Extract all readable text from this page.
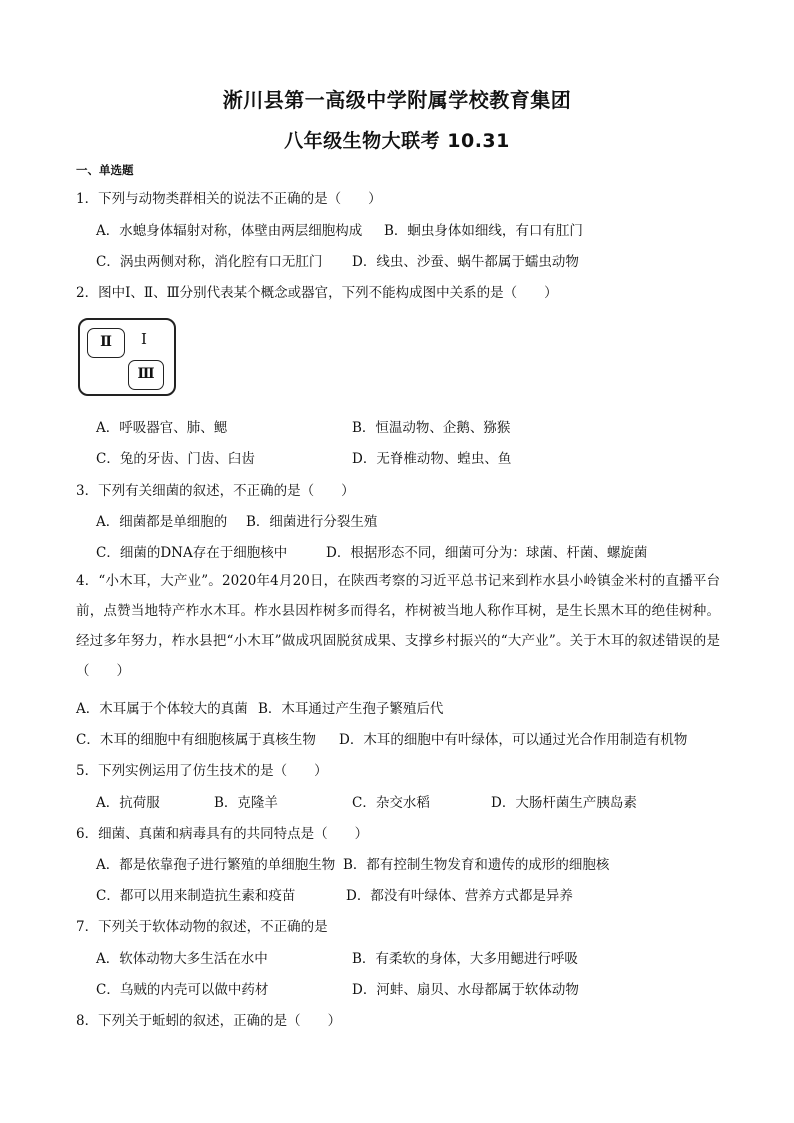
淅川县第一高级中学附属学校教育集团
八年级生物大联考 10.31
一、单选题
1．下列与动物类群相关的说法不正确的是（　　）
A．水螅身体辐射对称，体壁由两层细胞构成 B．蛔虫身体如细线，有口有肛门
C．涡虫两侧对称，消化腔有口无肛门 D．线虫、沙蚕、蜗牛都属于蠕虫动物
2．图中Ⅰ、Ⅱ、Ⅲ分别代表某个概念或器官，下列不能构成图中关系的是（　　）
Ⅱ	Ⅰ
Ⅲ
A．呼吸器官、肺、鳃	B．恒温动物、企鹅、猕猴
C．兔的牙齿、门齿、臼齿	D．无脊椎动物、蝗虫、鱼
3．下列有关细菌的叙述，不正确的是（　　）
A．细菌都是单细胞的 B．细菌进行分裂生殖
C．细菌的DNA存在于细胞核中	D．根据形态不同，细菌可分为：球菌、杆菌、螺旋菌
4．“小木耳，大产业”。2020年4月20日，在陕西考察的习近平总书记来到柞水县小岭镇金米村的直播平台前，点赞当地特产柞水木耳。柞水县因柞树多而得名，柞树被当地人称作耳树，是生长黑木耳的绝佳树种。经过多年努力，柞水县把“小木耳”做成巩固脱贫成果、支撑乡村振兴的“大产业”。关于木耳的叙述错误的是（　　）
A．木耳属于个体较大的真菌 B．木耳通过产生孢子繁殖后代
C．木耳的细胞中有细胞核属于真核生物 D．木耳的细胞中有叶绿体，可以通过光合作用制造有机物
5．下列实例运用了仿生技术的是（　　）
A．抗荷服	B．克隆羊	C．杂交水稻	D．大肠杆菌生产胰岛素
6．细菌、真菌和病毒具有的共同特点是（　　）
A．都是依靠孢子进行繁殖的单细胞生物 B．都有控制生物发育和遗传的成形的细胞核
C．都可以用来制造抗生素和疫苗	D．都没有叶绿体、营养方式都是异养
7．下列关于软体动物的叙述，不正确的是
A．软体动物大多生活在水中	B．有柔软的身体，大多用鳃进行呼吸
C．乌贼的内壳可以做中药材	D．河蚌、扇贝、水母都属于软体动物
8．下列关于蚯蚓的叙述，正确的是（　　）
